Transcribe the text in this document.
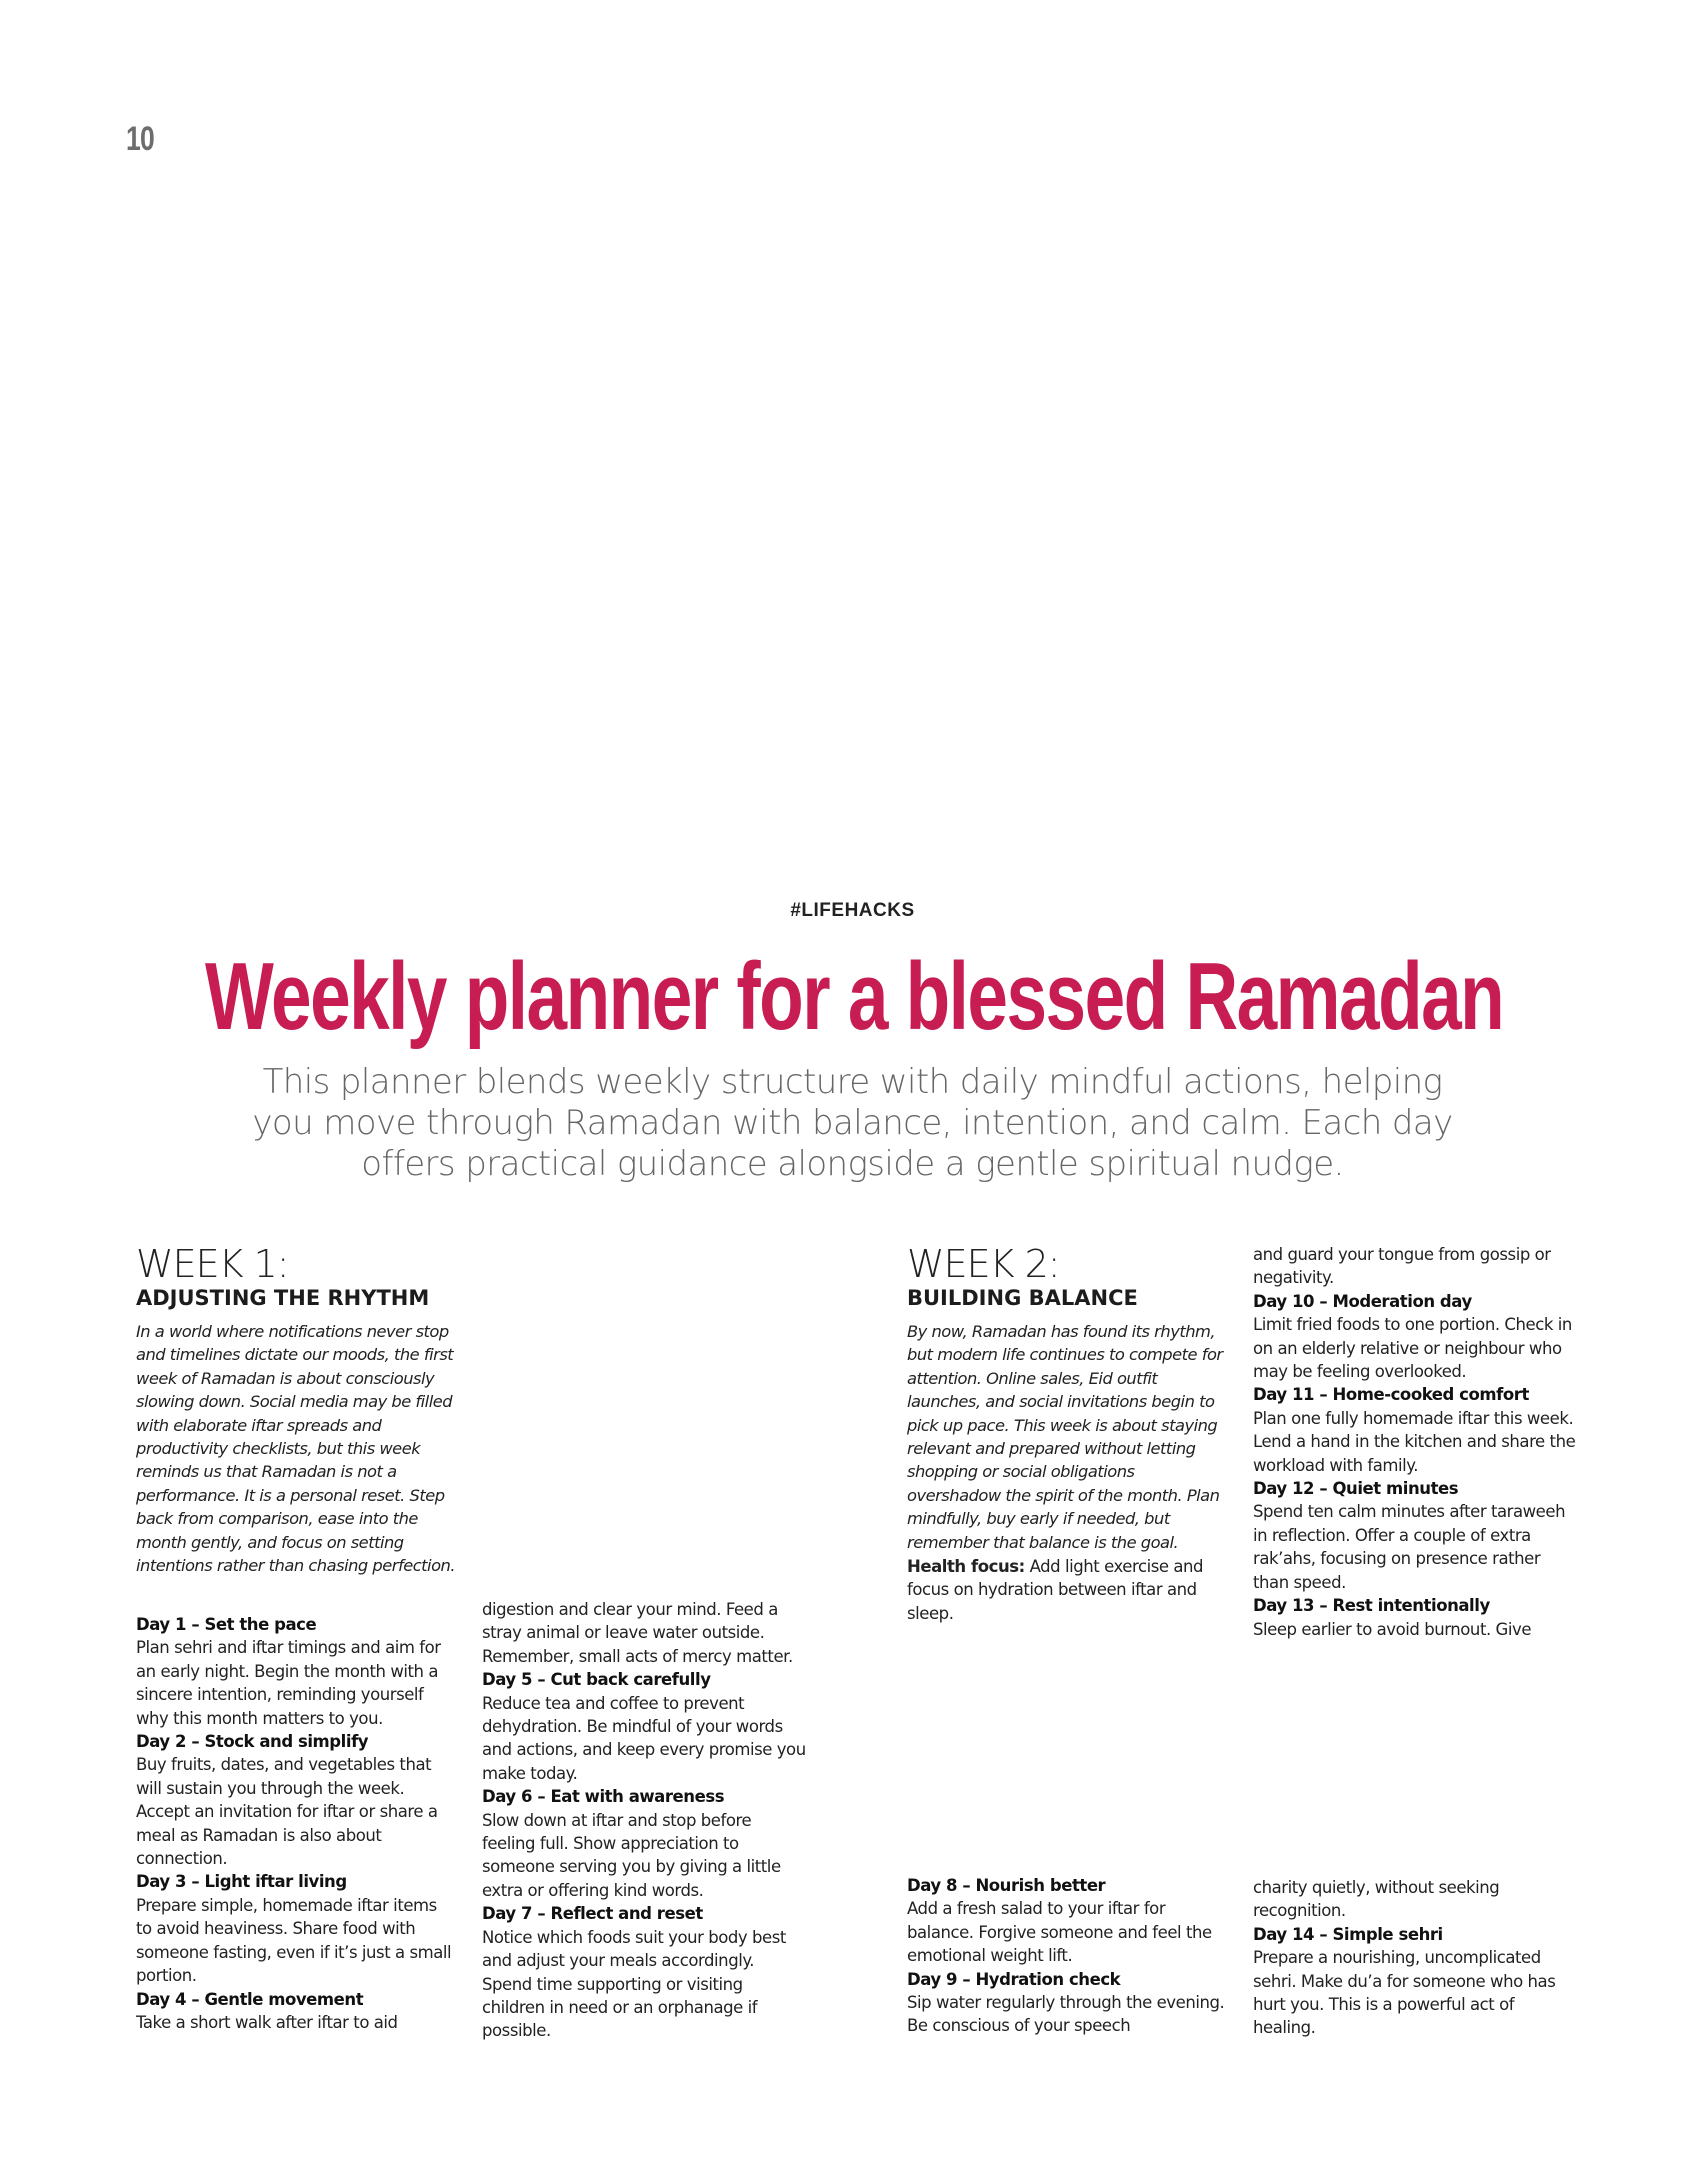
10
#LIFEHACKS
Weekly planner for a blessed Ramadan
This planner blends weekly structure with daily mindful actions, helping you move through Ramadan with balance, intention, and calm. Each day offers practical guidance alongside a gentle spiritual nudge.
WEEK 1:
ADJUSTING THE RHYTHM
In a world where notifications never stop and timelines dictate our moods, the first week of Ramadan is about consciously slowing down. Social media may be filled with elaborate iftar spreads and productivity checklists, but this week reminds us that Ramadan is not a performance. It is a personal reset. Step back from comparison, ease into the month gently, and focus on setting intentions rather than chasing perfection.
Day 1 – Set the pace
Plan sehri and iftar timings and aim for an early night. Begin the month with a sincere intention, reminding yourself why this month matters to you.
Day 2 – Stock and simplify
Buy fruits, dates, and vegetables that will sustain you through the week. Accept an invitation for iftar or share a meal as Ramadan is also about connection.
Day 3 – Light iftar living
Prepare simple, homemade iftar items to avoid heaviness. Share food with someone fasting, even if it’s just a small portion.
Day 4 – Gentle movement
Take a short walk after iftar to aid
digestion and clear your mind. Feed a stray animal or leave water outside. Remember, small acts of mercy matter.
Day 5 – Cut back carefully
Reduce tea and coffee to prevent dehydration. Be mindful of your words and actions, and keep every promise you make today.
Day 6 – Eat with awareness
Slow down at iftar and stop before feeling full. Show appreciation to someone serving you by giving a little extra or offering kind words.
Day 7 – Reflect and reset
Notice which foods suit your body best and adjust your meals accordingly. Spend time supporting or visiting children in need or an orphanage if possible.
WEEK 2:
BUILDING BALANCE
By now, Ramadan has found its rhythm, but modern life continues to compete for attention. Online sales, Eid outfit launches, and social invitations begin to pick up pace. This week is about staying relevant and prepared without letting shopping or social obligations overshadow the spirit of the month. Plan mindfully, buy early if needed, but remember that balance is the goal.
Health focus: Add light exercise and focus on hydration between iftar and sleep.
Day 8 – Nourish better
Add a fresh salad to your iftar for balance. Forgive someone and feel the emotional weight lift.
Day 9 – Hydration check
Sip water regularly through the evening. Be conscious of your speech
and guard your tongue from gossip or negativity.
Day 10 – Moderation day
Limit fried foods to one portion. Check in on an elderly relative or neighbour who may be feeling overlooked.
Day 11 – Home-cooked comfort
Plan one fully homemade iftar this week. Lend a hand in the kitchen and share the workload with family.
Day 12 – Quiet minutes
Spend ten calm minutes after taraweeh in reflection. Offer a couple of extra rak’ahs, focusing on presence rather than speed.
Day 13 – Rest intentionally
Sleep earlier to avoid burnout. Give
charity quietly, without seeking recognition.
Day 14 – Simple sehri
Prepare a nourishing, uncomplicated sehri. Make du’a for someone who has hurt you. This is a powerful act of healing.
